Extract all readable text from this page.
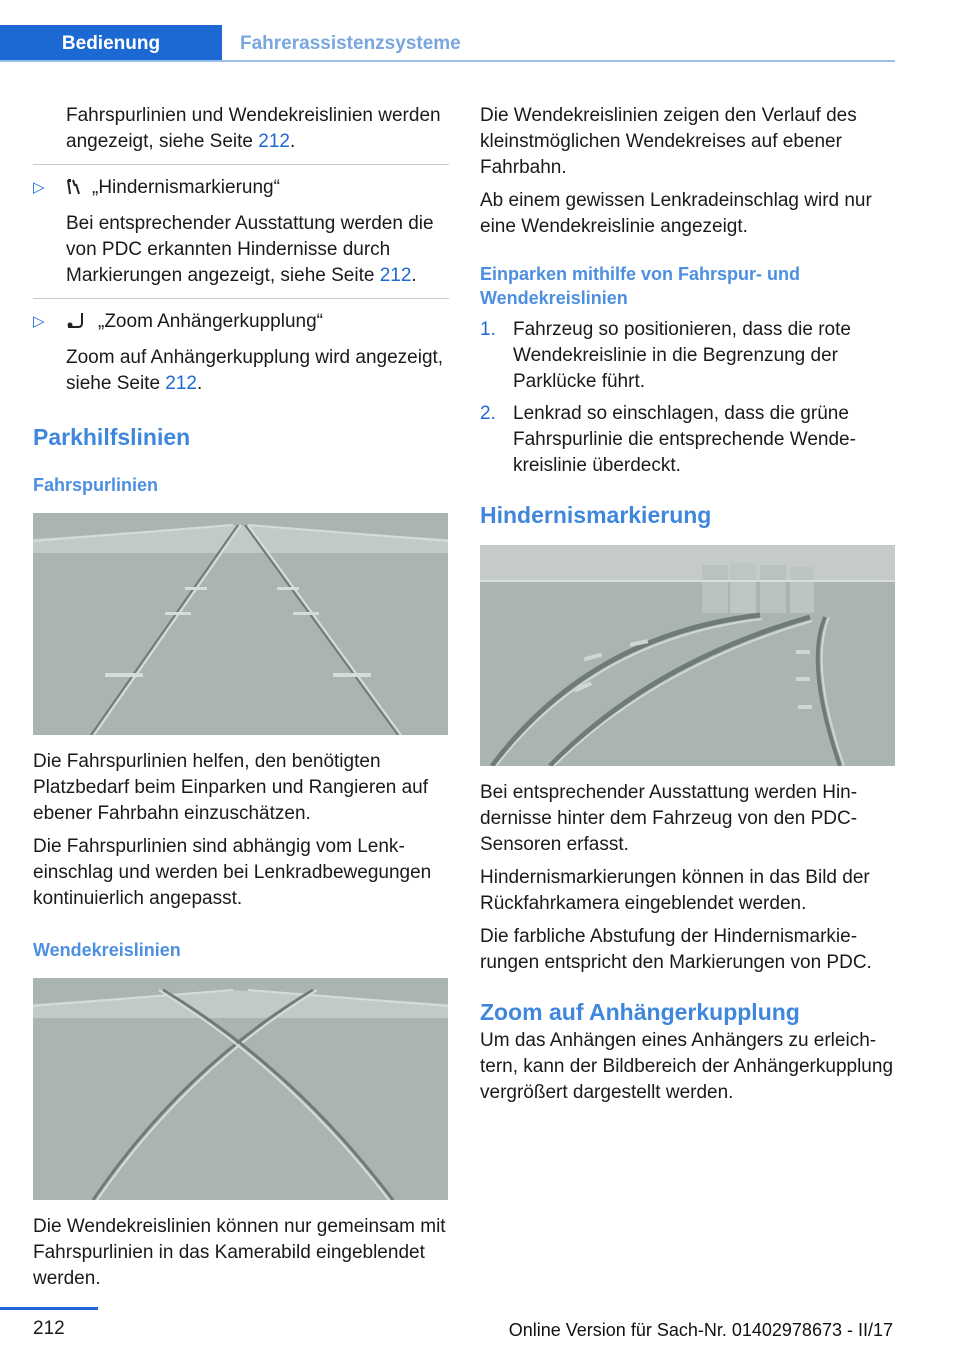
Bedienung	Fahrerassistenzsysteme

Fahrspurlinien und Wendekreislinien werden angezeigt, siehe Seite 212.

▷	„Hindernismarkierung“

Bei entsprechender Ausstattung werden die von PDC erkannten Hindernisse durch Markierungen angezeigt, siehe Seite 212.

▷	„Zoom Anhängerkupplung“

Zoom auf Anhängerkupplung wird angezeigt, siehe Seite 212.

Parkhilfslinien
Fahrspurlinien

Die Fahrspurlinien helfen, den benötigten Platzbedarf beim Einparken und Rangieren auf ebener Fahrbahn einzuschätzen.

Die Fahrspurlinien sind abhängig vom Lenkeinschlag und werden bei Lenkradbewegungen kontinuierlich angepasst.

Wendekreislinien

Die Wendekreislinien können nur gemeinsam mit Fahrspurlinien in das Kamerabild eingeblendet werden.

Die Wendekreislinien zeigen den Verlauf des kleinstmöglichen Wendekreises auf ebener Fahrbahn.

Ab einem gewissen Lenkradeinschlag wird nur eine Wendekreislinie angezeigt.

Einparken mithilfe von Fahrspur- und Wendekreislinien
1. Fahrzeug so positionieren, dass die rote Wendekreislinie in die Begrenzung der Parklücke führt.
2. Lenkrad so einschlagen, dass die grüne Fahrspurlinie die entsprechende Wendekreislinie überdeckt.
Hindernismarkierung

Bei entsprechender Ausstattung werden Hindernisse hinter dem Fahrzeug von den PDC-Sensoren erfasst.

Hindernismarkierungen können in das Bild der Rückfahrkamera eingeblendet werden.

Die farbliche Abstufung der Hindernismarkierungen entspricht den Markierungen von PDC.

Zoom auf Anhängerkupplung

Um das Anhängen eines Anhängers zu erleichtern, kann der Bildbereich der Anhängerkupplung vergrößert dargestellt werden.

212	Online Version für Sach-Nr. 01402978673 - II/17
